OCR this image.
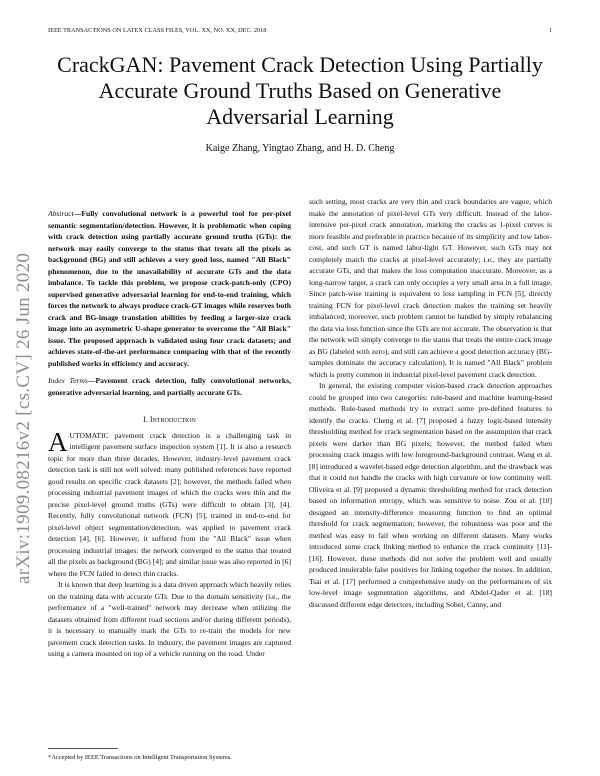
IEEE TRANSACTIONS ON LATEX CLASS FILES, VOL. XX, NO. XX, DEC. 2018	1
CrackGAN: Pavement Crack Detection Using Partially Accurate Ground Truths Based on Generative Adversarial Learning
Kaige Zhang, Yingtao Zhang, and H. D. Cheng
arXiv:1909.08216v2 [cs.CV] 26 Jun 2020
Abstract—Fully convolutional network is a powerful tool for per-pixel semantic segmentation/detection. However, it is problematic when coping with crack detection using partially accurate ground truths (GTs): the network may easily converge to the status that treats all the pixels as background (BG) and still achieves a very good loss, named "All Black" phenomenon, due to the unavailability of accurate GTs and the data imbalance. To tackle this problem, we propose crack-patch-only (CPO) supervised generative adversarial learning for end-to-end training, which forces the network to always produce crack-GT images while reserves both crack and BG-image translation abilities by feeding a larger-size crack image into an asymmetric U-shape generator to overcome the "All Black" issue. The proposed approach is validated using four crack datasets; and achieves state-of-the-art performance comparing with that of the recently published works in efficiency and accuracy.
Index Terms—Pavement crack detection, fully convolutional networks, generative adversarial learning, and partially accurate GTs.
I. Introduction

AUTOMATIC pavement crack detection is a challenging task in intelligent pavement surface inspection system [1]. It is also a research topic for more than three decades. However, industry-level pavement crack detection task is still not well solved: many published references have reported good results on specific crack datasets [2]; however, the methods failed when processing industrial pavement images of which the cracks were thin and the precise pixel-level ground truths (GTs) were difficult to obtain [3], [4]. Recently, fully convolutional network (FCN) [5], trained in end-to-end for pixel-level object segmentation/detection, was applied to pavement crack detection [4], [6]. However, it suffered from the "All Black" issue when processing industrial images: the network converged to the status that treated all the pixels as background (BG) [4]; and similar issue was also reported in [6] where the FCN failed to detect thin cracks.

It is known that deep learning is a data driven approach which heavily relies on the training data with accurate GTs. Due to the domain sensitivity (i.e., the performance of a "well-trained" network may decrease when utilizing the datasets obtained from different road sections and/or during different periods), it is necessary to manually mark the GTs to re-train the models for new pavement crack detection tasks. In industry, the pavement images are captured using a camera mounted on top of a vehicle running on the road. Under

such setting, most cracks are very thin and crack boundaries are vague, which make the annotation of pixel-level GTs very difficult. Instead of the labor-intensive per-pixel crack annotation, marking the cracks as 1-pixel curves is more feasible and preferable in practice because of its simplicity and low labor-cost, and such GT is named labor-light GT. However, such GTs may not completely match the cracks at pixel-level accurately; i.e., they are partially accurate GTs, and that makes the loss computation inaccurate. Moreover, as a long-narrow target, a crack can only occupies a very small area in a full image. Since patch-wise training is equivalent to loss sampling in FCN [5], directly training FCN for pixel-level crack detection makes the training set heavily imbalanced; moreover, such problem cannot be handled by simply rebalancing the data via loss function since the GTs are not accurate. The observation is that the network will simply converge to the status that treats the entire crack image as BG (labeled with zero), and still can achieve a good detection accuracy (BG-samples dominate the accuracy calculation). It is named "All Black" problem which is pretty common in industrial pixel-level pavement crack detection.

In general, the existing computer vision-based crack detection approaches could be grouped into two categories: rule-based and machine learning-based methods. Rule-based methods try to extract some pre-defined features to identify the cracks. Cheng et al. [7] proposed a fuzzy logic-based intensity thresholding method for crack segmentation based on the assumption that crack pixels were darker than BG pixels; however, the method failed when processing crack images with low foreground-background contrast. Wang et al. [8] introduced a wavelet-based edge detection algorithm, and the drawback was that it could not handle the cracks with high curvature or low continuity well. Oliveira et al. [9] proposed a dynamic thresholding method for crack detection based on information entropy, which was sensitive to noise. Zou et al. [10] designed an intensity-difference measuring function to find an optimal threshold for crack segmentation; however, the robustness was poor and the method was easy to fail when working on different datasets. Many works introduced some crack linking method to enhance the crack continuity [11]-[16]. However, these methods did not solve the problem well and usually produced intolerable false positives for linking together the noises. In addition, Tsai et al. [17] performed a comprehensive study on the performances of six low-level image segmentation algorithms, and Abdel-Qader et al. [18] discussed different edge detectors, including Sobel, Canny, and

*Accepted by IEEE Transactions on Intelligent Transportation Systems.
